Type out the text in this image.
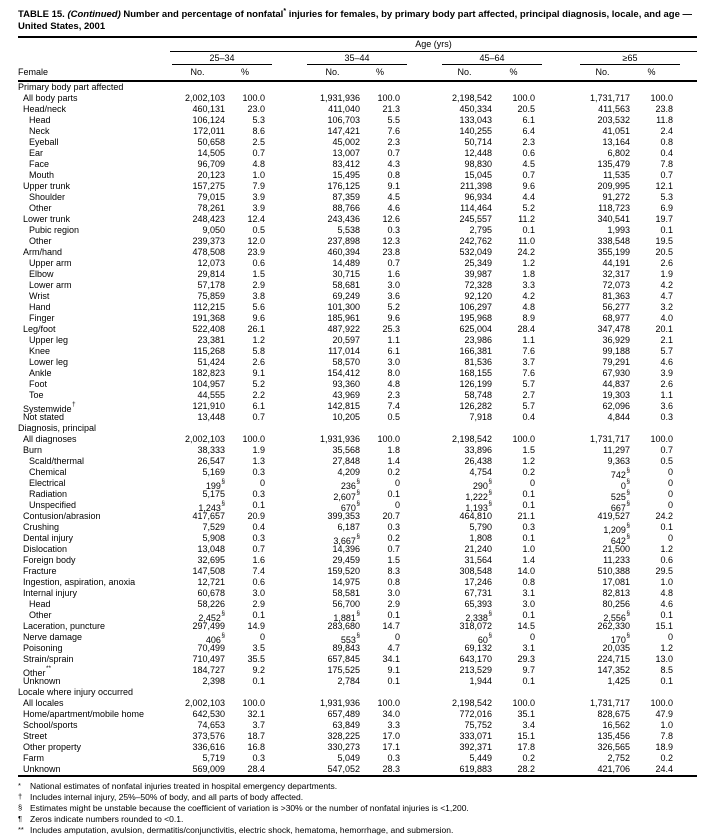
TABLE 15. (Continued) Number and percentage of nonfatal* injuries for females, by primary body part affected, principal diagnosis, locale, and age — United States, 2001
Age (yrs)
25–34	35–44	45–64	≥65
Female	No.	%	No.	%	No.	%	No.	%
Primary body part affected
All body parts	2,002,103	100.0	1,931,936	100.0	2,198,542	100.0	1,731,717	100.0
Head/neck	460,131	23.0	411,040	21.3	450,334	20.5	411,563	23.8
Head	106,124	5.3	106,703	5.5	133,043	6.1	203,532	11.8
Neck	172,011	8.6	147,421	7.6	140,255	6.4	41,051	2.4
Eyeball	50,658	2.5	45,002	2.3	50,714	2.3	13,164	0.8
Ear	14,505	0.7	13,007	0.7	12,448	0.6	6,802	0.4
Face	96,709	4.8	83,412	4.3	98,830	4.5	135,479	7.8
Mouth	20,123	1.0	15,495	0.8	15,045	0.7	11,535	0.7
Upper trunk	157,275	7.9	176,125	9.1	211,398	9.6	209,995	12.1
Shoulder	79,015	3.9	87,359	4.5	96,934	4.4	91,272	5.3
Other	78,261	3.9	88,766	4.6	114,464	5.2	118,723	6.9
Lower trunk	248,423	12.4	243,436	12.6	245,557	11.2	340,541	19.7
Pubic region	9,050	0.5	5,538	0.3	2,795	0.1	1,993	0.1
Other	239,373	12.0	237,898	12.3	242,762	11.0	338,548	19.5
Arm/hand	478,508	23.9	460,394	23.8	532,049	24.2	355,199	20.5
Upper arm	12,073	0.6	14,489	0.7	25,349	1.2	44,191	2.6
Elbow	29,814	1.5	30,715	1.6	39,987	1.8	32,317	1.9
Lower arm	57,178	2.9	58,681	3.0	72,328	3.3	72,073	4.2
Wrist	75,859	3.8	69,249	3.6	92,120	4.2	81,363	4.7
Hand	112,215	5.6	101,300	5.2	106,297	4.8	56,277	3.2
Finger	191,368	9.6	185,961	9.6	195,968	8.9	68,977	4.0
Leg/foot	522,408	26.1	487,922	25.3	625,004	28.4	347,478	20.1
Upper leg	23,381	1.2	20,597	1.1	23,986	1.1	36,929	2.1
Knee	115,268	5.8	117,014	6.1	166,381	7.6	99,188	5.7
Lower leg	51,424	2.6	58,570	3.0	81,536	3.7	79,291	4.6
Ankle	182,823	9.1	154,412	8.0	168,155	7.6	67,930	3.9
Foot	104,957	5.2	93,360	4.8	126,199	5.7	44,837	2.6
Toe	44,555	2.2	43,969	2.3	58,748	2.7	19,303	1.1
Systemwide†	121,910	6.1	142,815	7.4	126,282	5.7	62,096	3.6
Not stated	13,448	0.7	10,205	0.5	7,918	0.4	4,844	0.3
Diagnosis, principal
All diagnoses	2,002,103	100.0	1,931,936	100.0	2,198,542	100.0	1,731,717	100.0
Burn	38,333	1.9	35,568	1.8	33,896	1.5	11,297	0.7
Scald/thermal	26,547	1.3	27,848	1.4	26,438	1.2	9,363	0.5
Chemical	5,169	0.3	4,209	0.2	4,754	0.2	742§	0
Electrical	199§	0	236§	0	290§	0	0§	0
Radiation	5,175	0.3	2,607§	0.1	1,222§	0.1	525§	0
Unspecified	1,243§	0.1	670§	0	1,193§	0.1	667§	0
Contusion/abrasion	417,657	20.9	399,353	20.7	464,810	21.1	419,527	24.2
Crushing	7,529	0.4	6,187	0.3	5,790	0.3	1,209§	0.1
Dental injury	5,908	0.3	3,667§	0.2	1,808	0.1	642§	0
Dislocation	13,048	0.7	14,396	0.7	21,240	1.0	21,500	1.2
Foreign body	32,695	1.6	29,459	1.5	31,564	1.4	11,233	0.6
Fracture	147,508	7.4	159,520	8.3	308,548	14.0	510,388	29.5
Ingestion, aspiration, anoxia	12,721	0.6	14,975	0.8	17,246	0.8	17,081	1.0
Internal injury	60,678	3.0	58,581	3.0	67,731	3.1	82,813	4.8
Head	58,226	2.9	56,700	2.9	65,393	3.0	80,256	4.6
Other	2,452§	0.1	1,881§	0.1	2,338§	0.1	2,556§	0.1
Laceration, puncture	297,499	14.9	283,680	14.7	318,072	14.5	262,330	15.1
Nerve damage	406§	0	553§	0	60§	0	170§	0
Poisoning	70,499	3.5	89,843	4.7	69,132	3.1	20,035	1.2
Strain/sprain	710,497	35.5	657,845	34.1	643,170	29.3	224,715	13.0
Other**	184,727	9.2	175,525	9.1	213,529	9.7	147,352	8.5
Unknown	2,398	0.1	2,784	0.1	1,944	0.1	1,425	0.1
Locale where injury occurred
All locales	2,002,103	100.0	1,931,936	100.0	2,198,542	100.0	1,731,717	100.0
Home/apartment/mobile home	642,530	32.1	657,489	34.0	772,016	35.1	828,675	47.9
School/sports	74,653	3.7	63,849	3.3	75,752	3.4	16,562	1.0
Street	373,576	18.7	328,225	17.0	333,071	15.1	135,456	7.8
Other property	336,616	16.8	330,273	17.1	392,371	17.8	326,565	18.9
Farm	5,719	0.3	5,049	0.3	5,449	0.2	2,752	0.2
Unknown	569,009	28.4	547,052	28.3	619,883	28.2	421,706	24.4
*	National estimates of nonfatal injuries treated in hospital emergency departments.
† Includes internal injury, 25%–50% of body, and all parts of body affected.
§ Estimates might be unstable because the coefficient of variation is >30% or the number of nonfatal injuries is <1,200.
¶ Zeros indicate numbers rounded to <0.1.
** Includes amputation, avulsion, dermatitis/conjunctivitis, electric shock, hematoma, hemorrhage, and submersion.
